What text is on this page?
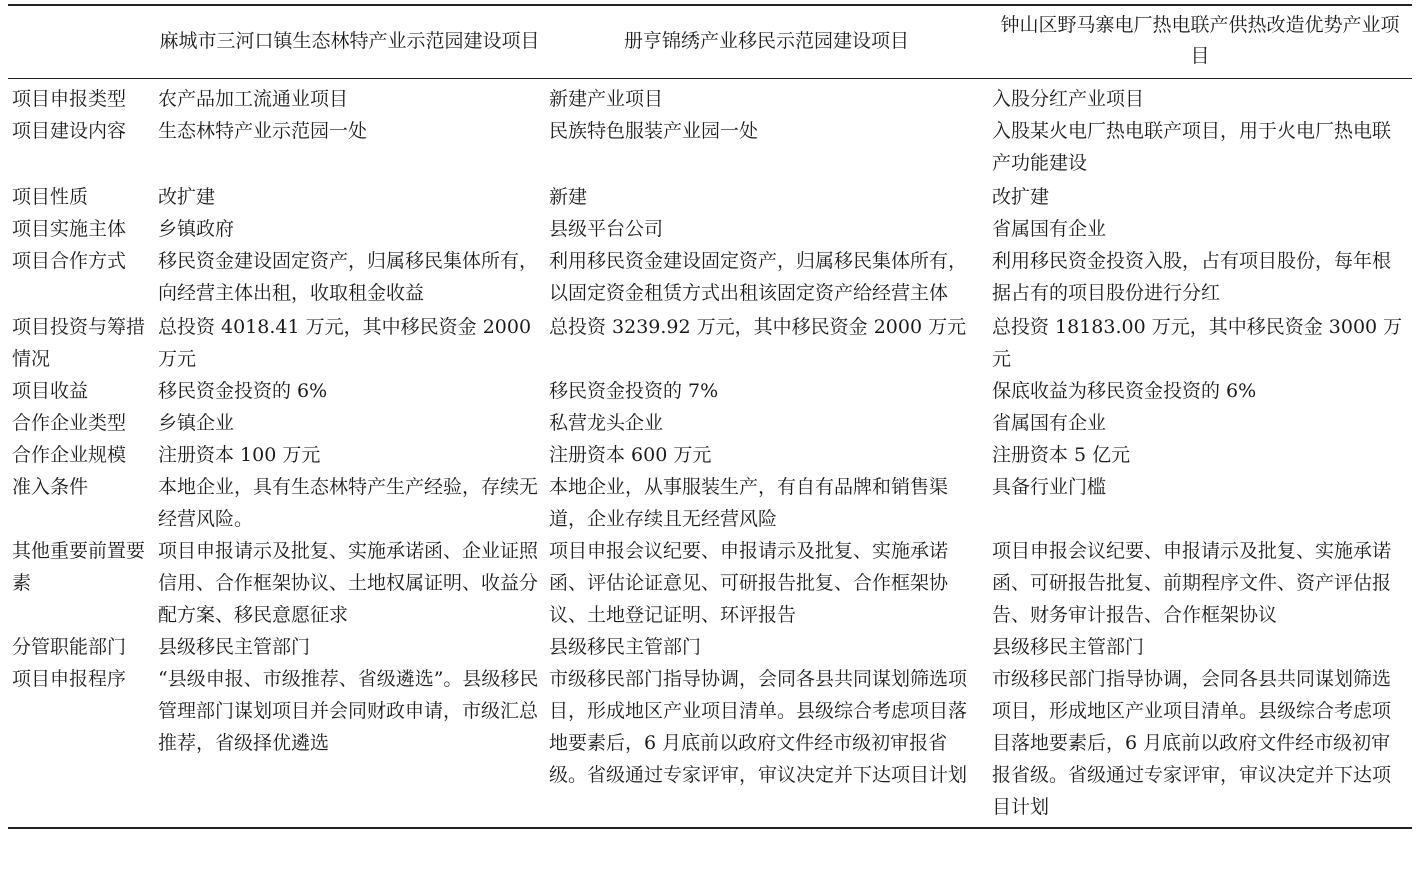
	麻城市三河口镇生态林特产业示范园建设项目	册亨锦绣产业移民示范园建设项目	钟山区野马寨电厂热电联产供热改造优势产业项目
项目申报类型	农产品加工流通业项目	新建产业项目	入股分红产业项目
项目建设内容	生态林特产业示范园一处	民族特色服装产业园一处	入股某火电厂热电联产项目，用于火电厂热电联产功能建设
项目性质	改扩建	新建	改扩建
项目实施主体	乡镇政府	县级平台公司	省属国有企业
项目合作方式	移民资金建设固定资产，归属移民集体所有，向经营主体出租，收取租金收益	利用移民资金建设固定资产，归属移民集体所有，以固定资金租赁方式出租该固定资产给经营主体	利用移民资金投资入股，占有项目股份，每年根据占有的项目股份进行分红
项目投资与筹措情况	总投资 4018.41 万元，其中移民资金 2000 万元	总投资 3239.92 万元，其中移民资金 2000 万元	总投资 18183.00 万元，其中移民资金 3000 万元
项目收益	移民资金投资的 6%	移民资金投资的 7%	保底收益为移民资金投资的 6%
合作企业类型	乡镇企业	私营龙头企业	省属国有企业
合作企业规模	注册资本 100 万元	注册资本 600 万元	注册资本 5 亿元
准入条件	本地企业，具有生态林特产生产经验，存续无经营风险。	本地企业，从事服装生产，有自有品牌和销售渠道，企业存续且无经营风险	具备行业门槛
其他重要前置要素	项目申报请示及批复、实施承诺函、企业证照信用、合作框架协议、土地权属证明、收益分配方案、移民意愿征求	项目申报会议纪要、申报请示及批复、实施承诺函、评估论证意见、可研报告批复、合作框架协议、土地登记证明、环评报告	项目申报会议纪要、申报请示及批复、实施承诺函、可研报告批复、前期程序文件、资产评估报告、财务审计报告、合作框架协议
分管职能部门	县级移民主管部门	县级移民主管部门	县级移民主管部门
项目申报程序	“县级申报、市级推荐、省级遴选”。县级移民管理部门谋划项目并会同财政申请，市级汇总推荐，省级择优遴选	市级移民部门指导协调，会同各县共同谋划筛选项目，形成地区产业项目清单。县级综合考虑项目落地要素后，6 月底前以政府文件经市级初审报省级。省级通过专家评审，审议决定并下达项目计划	市级移民部门指导协调，会同各县共同谋划筛选项目，形成地区产业项目清单。县级综合考虑项目落地要素后，6 月底前以政府文件经市级初审报省级。省级通过专家评审，审议决定并下达项目计划
